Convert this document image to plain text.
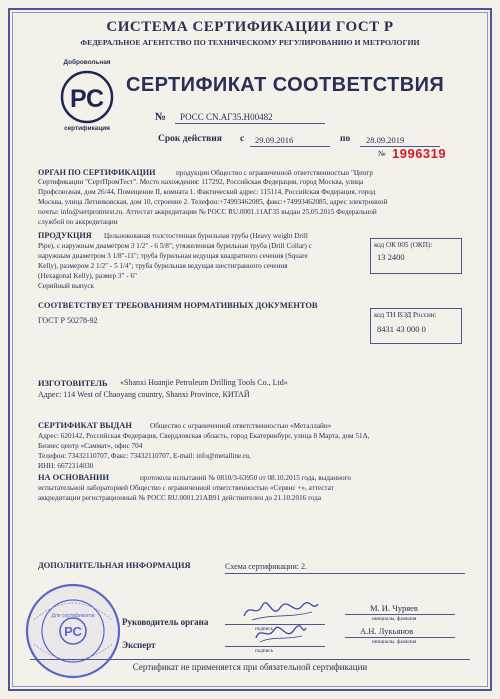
СИСТЕМА СЕРТИФИКАЦИИ ГОСТ Р
ФЕДЕРАЛЬНОЕ АГЕНТСТВО ПО ТЕХНИЧЕСКОМУ РЕГУЛИРОВАНИЮ И МЕТРОЛОГИИ
РС
Добровольная
сертификация
СЕРТИФИКАТ СООТВЕТСТВИЯ
№ РОСС CN.АГ35.Н00482
Срок действия с 29.09.2016	по 28.09.2019
№ 1996319
ОРГАН ПО СЕРТИФИКАЦИИ	продукции Общество с ограниченной ответственностью "Центр
Сертификации "СертПромТест". Место нахождения: 117292, Российская Федерация, город Москва, улица
Профсоюзная, дом 26/44, Помещение II, комната 1. Фактический адрес: 115114, Российская Федерация, город
Москва, улица Летниковская, дом 10, строение 2. Телефон:+74993462085, факс:+74993462085, адрес электронной
почты: info@sertpromtest.ru. Аттестат аккредитации № РОСС RU.0001.11АГ35 выдан 25.05.2015 Федеральной
службой по аккредитации
ПРОДУКЦИЯ Цельнокованая толстостенная бурильная труба (Heavy weight Drill
Pipe), с наружным диаметром 3 1/2" - 6 5/8"; утяжеленная бурильная труба (Drill Collar) с
наружным диаметром 3 1/8"-11"; труба бурильная ведущая квадратного сечения (Square
Kelly), размером 2 1/2" - 5 1/4"; труба бурильная ведущая шестигранного сечения
(Hexagonal Kelly), размер 3" - 6"
Серийный выпуск
код ОК 005 (ОКП):
13 2400
СООТВЕТСТВУЕТ ТРЕБОВАНИЯМ НОРМАТИВНЫХ ДОКУМЕНТОВ
ГОСТ Р 50278-92
код ТН ВЭД России:
8431 43 000 0
ИЗГОТОВИТЕЛЬ «Shanxi Huanjie Petroleum Drilling Tools Co., Ltd»
Адрес: 114 West of Chaoyang country, Shanxi Province, КИТАЙ
СЕРТИФИКАТ ВЫДАН	Общество с ограниченной ответственностью «Металлайн»
Адрес: 620142, Российская Федерация, Свердловская область, город Екатеринбург, улица 8 Марта, дом 51А,
Бизнес центр «Саммат», офис 704
Телефон: 73432110707, Факс: 73432110707, E-mail: info@metalline.ru,
ИНН: 6672314030
НА ОСНОВАНИИ	протокола испытаний № 0810/3-63950 от 08.10.2015 года, выданного
испытательной лабораторией Общество с ограниченной ответственностью «Сервис +», аттестат
аккредитации регистрационный № РОСС RU.0001.21АВ91 действителен до 21.10.2016 года
ДОПОЛНИТЕЛЬНАЯ ИНФОРМАЦИЯ	Схема сертификации: 2.
РС
Для сертификатов
Руководитель органа
подпись
М. И. Чуряев
инициалы, фамилия
Эксперт
подпись
А.Н. Лукьянов
инициалы, фамилия
Сертификат не применяется при обязательной сертификации
